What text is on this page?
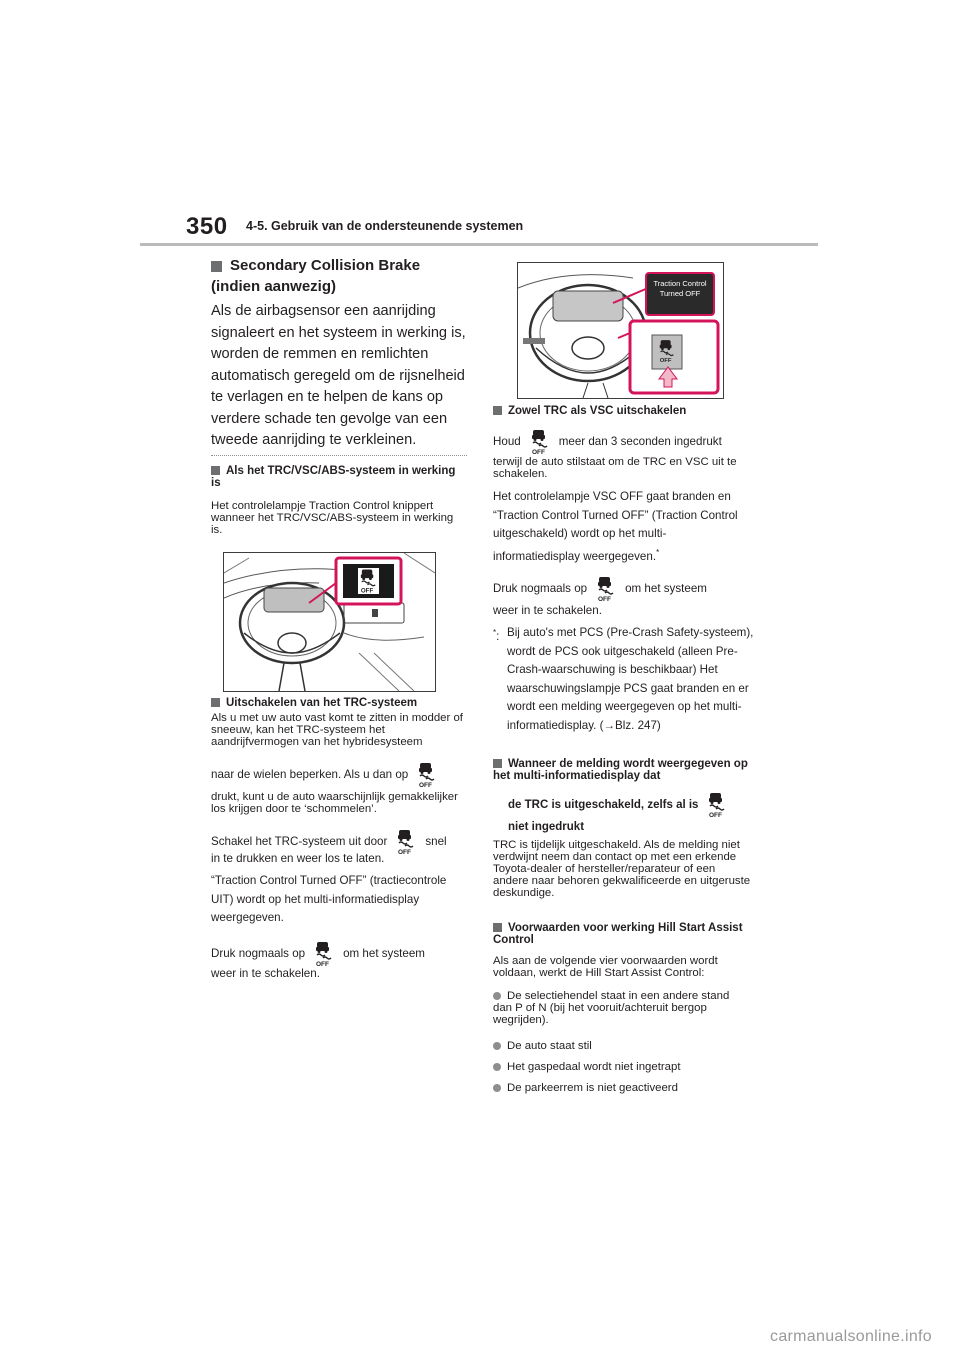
350 4-5. Gebruik van de ondersteunende systemen
Secondary Collision Brake (indien aanwezig)
Als de airbagsensor een aanrijding signaleert en het systeem in werking is, worden de remmen en remlichten automatisch geregeld om de rijsnelheid te verlagen en te helpen de kans op verdere schade ten gevolge van een tweede aanrijding te verkleinen.
Als het TRC/VSC/ABS-systeem in werking is
Het controlelampje Traction Control knippert wanneer het TRC/VSC/ABS-systeem in werking is.
Uitschakelen van het TRC-systeem
Als u met uw auto vast komt te zitten in modder of sneeuw, kan het TRC-systeem het aandrijfvermogen van het hybridesysteem
naar de wielen beperken. Als u dan op
drukt, kunt u de auto waarschijnlijk gemakkelijker los krijgen door te ‘schommelen’.
Schakel het TRC-systeem uit door	snel
in te drukken en weer los te laten.
“Traction Control Turned OFF” (tractiecontrole UIT) wordt op het multi-informatiedisplay weergegeven.
Druk nogmaals op	om het systeem
weer in te schakelen.
Traction Control
Turned OFF
Zowel TRC als VSC uitschakelen
Houd	meer dan 3 seconden ingedrukt
terwijl de auto stilstaat om de TRC en VSC uit te schakelen.
Het controlelampje VSC OFF gaat branden en “Traction Control Turned OFF” (Traction Control uitgeschakeld) wordt op het multi-informatiedisplay weergegeven.*
Druk nogmaals op	om het systeem
weer in te schakelen.
*: Bij auto's met PCS (Pre-Crash Safety-systeem), wordt de PCS ook uitgeschakeld (alleen Pre-Crash-waarschuwing is beschikbaar) Het waarschuwingslampje PCS gaat branden en er wordt een melding weergegeven op het multi-informatiedisplay. (→Blz. 247)
Wanneer de melding wordt weergegeven op het multi-informatiedisplay dat
de TRC is uitgeschakeld, zelfs al is
niet ingedrukt
TRC is tijdelijk uitgeschakeld. Als de melding niet verdwijnt neem dan contact op met een erkende Toyota-dealer of hersteller/reparateur of een andere naar behoren gekwalificeerde en uitgeruste deskundige.
Voorwaarden voor werking Hill Start Assist Control
Als aan de volgende vier voorwaarden wordt voldaan, werkt de Hill Start Assist Control:
De selectiehendel staat in een andere stand dan P of N (bij het vooruit/achteruit bergop wegrijden).
De auto staat stil
Het gaspedaal wordt niet ingetrapt
De parkeerrem is niet geactiveerd
carmanualsonline.info
